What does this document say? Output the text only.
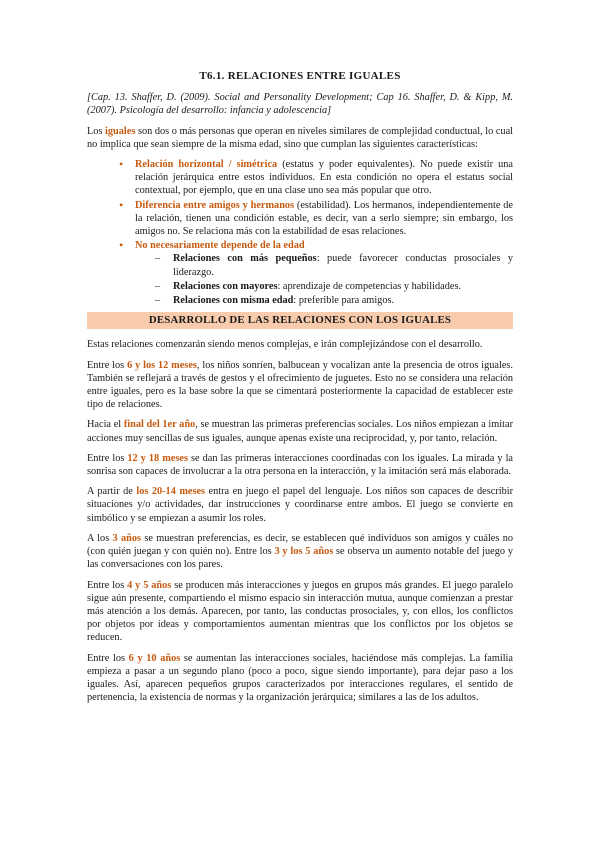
T6.1. RELACIONES ENTRE IGUALES

[Cap. 13. Shaffer, D. (2009). Social and Personality Development; Cap 16. Shaffer, D. & Kipp, M. (2007). Psicología del desarrollo: infancia y adolescencia]

Los iguales son dos o más personas que operan en niveles similares de complejidad conductual, lo cual no implica que sean siempre de la misma edad, sino que cumplan las siguientes características:

• Relación horizontal / simétrica (estatus y poder equivalentes). No puede existir una relación jerárquica entre estos individuos. En esta condición no opera el estatus social contextual, por ejemplo, que en una clase uno sea más popular que otro.
• Diferencia entre amigos y hermanos (estabilidad). Los hermanos, independientemente de la relación, tienen una condición estable, es decir, van a serlo siempre; sin embargo, los amigos no. Se relaciona más con la estabilidad de esas relaciones.
• No necesariamente depende de la edad
– Relaciones con más pequeños: puede favorecer conductas prosociales y liderazgo.
– Relaciones con mayores: aprendizaje de competencias y habilidades.
– Relaciones con misma edad: preferible para amigos.
DESARROLLO DE LAS RELACIONES CON LOS IGUALES

Estas relaciones comenzarán siendo menos complejas, e irán complejizándose con el desarrollo.

Entre los 6 y los 12 meses, los niños sonríen, balbucean y vocalizan ante la presencia de otros iguales. También se reflejará a través de gestos y el ofrecimiento de juguetes. Esto no se considera una relación entre iguales, pero es la base sobre la que se cimentará posteriormente la capacidad de establecer este tipo de relaciones.

Hacia el final del 1er año, se muestran las primeras preferencias sociales. Los niños empiezan a imitar acciones muy sencillas de sus iguales, aunque apenas existe una reciprocidad, y, por tanto, relación.

Entre los 12 y 18 meses se dan las primeras interacciones coordinadas con los iguales. La mirada y la sonrisa son capaces de involucrar a la otra persona en la interacción, y la imitación será más elaborada.

A partir de los 20-14 meses entra en juego el papel del lenguaje. Los niños son capaces de describir situaciones y/o actividades, dar instrucciones y coordinarse entre ambos. El juego se convierte en simbólico y se empiezan a asumir los roles.

A los 3 años se muestran preferencias, es decir, se establecen qué individuos son amigos y cuáles no (con quién juegan y con quién no). Entre los 3 y los 5 años se observa un aumento notable del juego y las conversaciones con los pares.

Entre los 4 y 5 años se producen más interacciones y juegos en grupos más grandes. El juego paralelo sigue aún presente, compartiendo el mismo espacio sin interacción mutua, aunque comienzan a prestar más atención a los demás. Aparecen, por tanto, las conductas prosociales, y, con ellos, los conflictos por objetos por ideas y comportamientos aumentan mientras que los conflictos por los objetos se reducen.

Entre los 6 y 10 años se aumentan las interacciones sociales, haciéndose más complejas. La familia empieza a pasar a un segundo plano (poco a poco, sigue siendo importante), para dejar paso a los iguales. Así, aparecen pequeños grupos caracterizados por interacciones regulares, el sentido de pertenencia, la existencia de normas y la organización jerárquica; similares a las de los adultos.
